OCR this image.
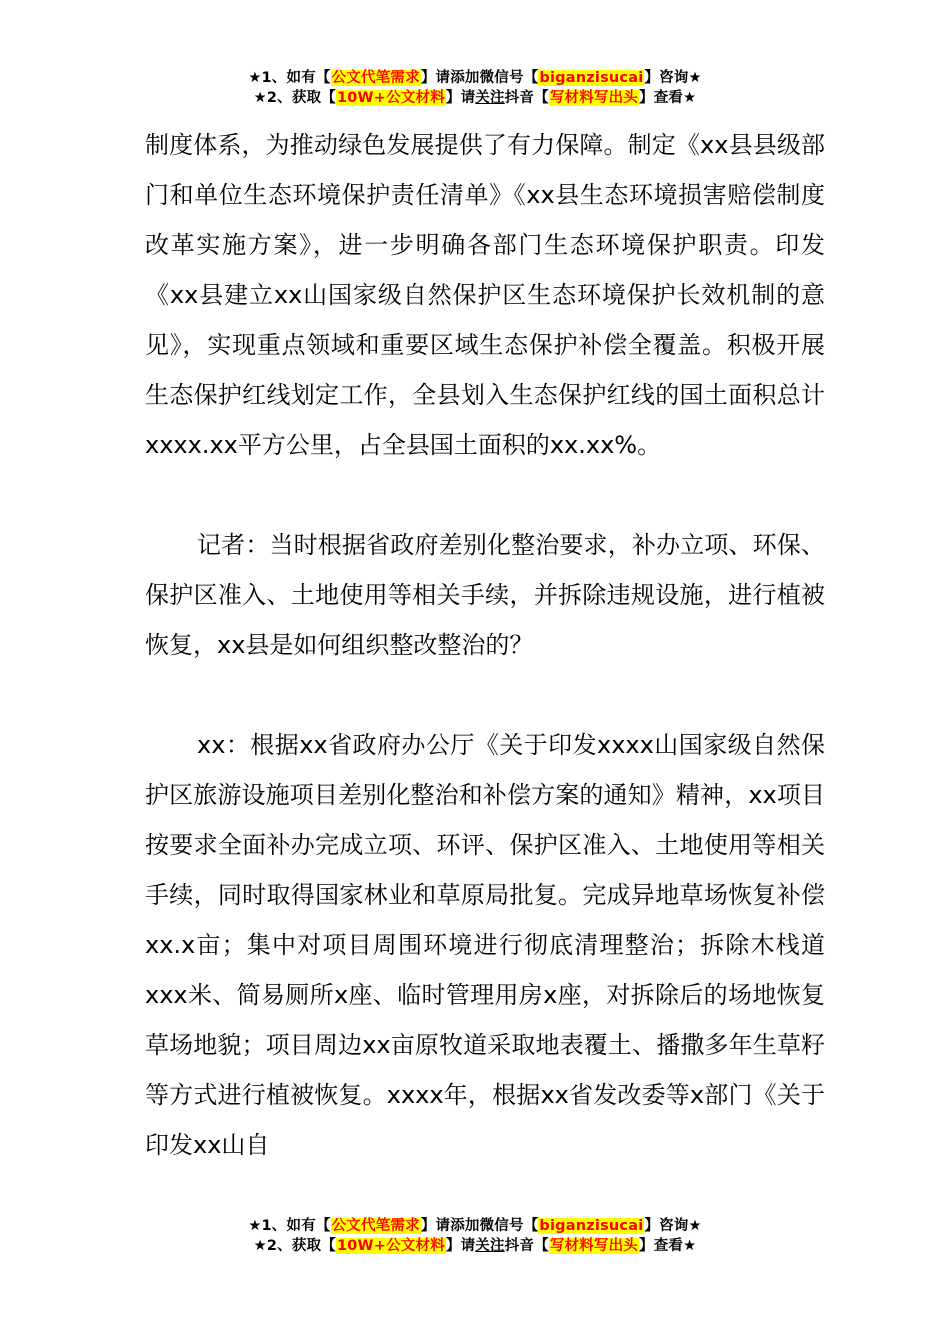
★1、如有【公文代笔需求】请添加微信号【biganzisucai】咨询★
★2、获取【10W+公文材料】请关注抖音【写材料写出头】查看★

制度体系，为推动绿色发展提供了有力保障。制定《xx县县级部门和单位生态环境保护责任清单》《xx县生态环境损害赔偿制度改革实施方案》，进一步明确各部门生态环境保护职责。印发《xx县建立xx山国家级自然保护区生态环境保护长效机制的意见》，实现重点领域和重要区域生态保护补偿全覆盖。积极开展生态保护红线划定工作，全县划入生态保护红线的国土面积总计xxxx.xx平方公里，占全县国土面积的xx.xx%。

记者：当时根据省政府差别化整治要求，补办立项、环保、保护区准入、土地使用等相关手续，并拆除违规设施，进行植被恢复，xx县是如何组织整改整治的？

xx：根据xx省政府办公厅《关于印发xxxx山国家级自然保护区旅游设施项目差别化整治和补偿方案的通知》精神，xx项目按要求全面补办完成立项、环评、保护区准入、土地使用等相关手续，同时取得国家林业和草原局批复。完成异地草场恢复补偿xx.x亩；集中对项目周围环境进行彻底清理整治；拆除木栈道xxx米、简易厕所x座、临时管理用房x座，对拆除后的场地恢复草场地貌；项目周边xx亩原牧道采取地表覆土、播撒多年生草籽等方式进行植被恢复。xxxx年，根据xx省发改委等x部门《关于印发xx山自

★1、如有【公文代笔需求】请添加微信号【biganzisucai】咨询★
★2、获取【10W+公文材料】请关注抖音【写材料写出头】查看★
